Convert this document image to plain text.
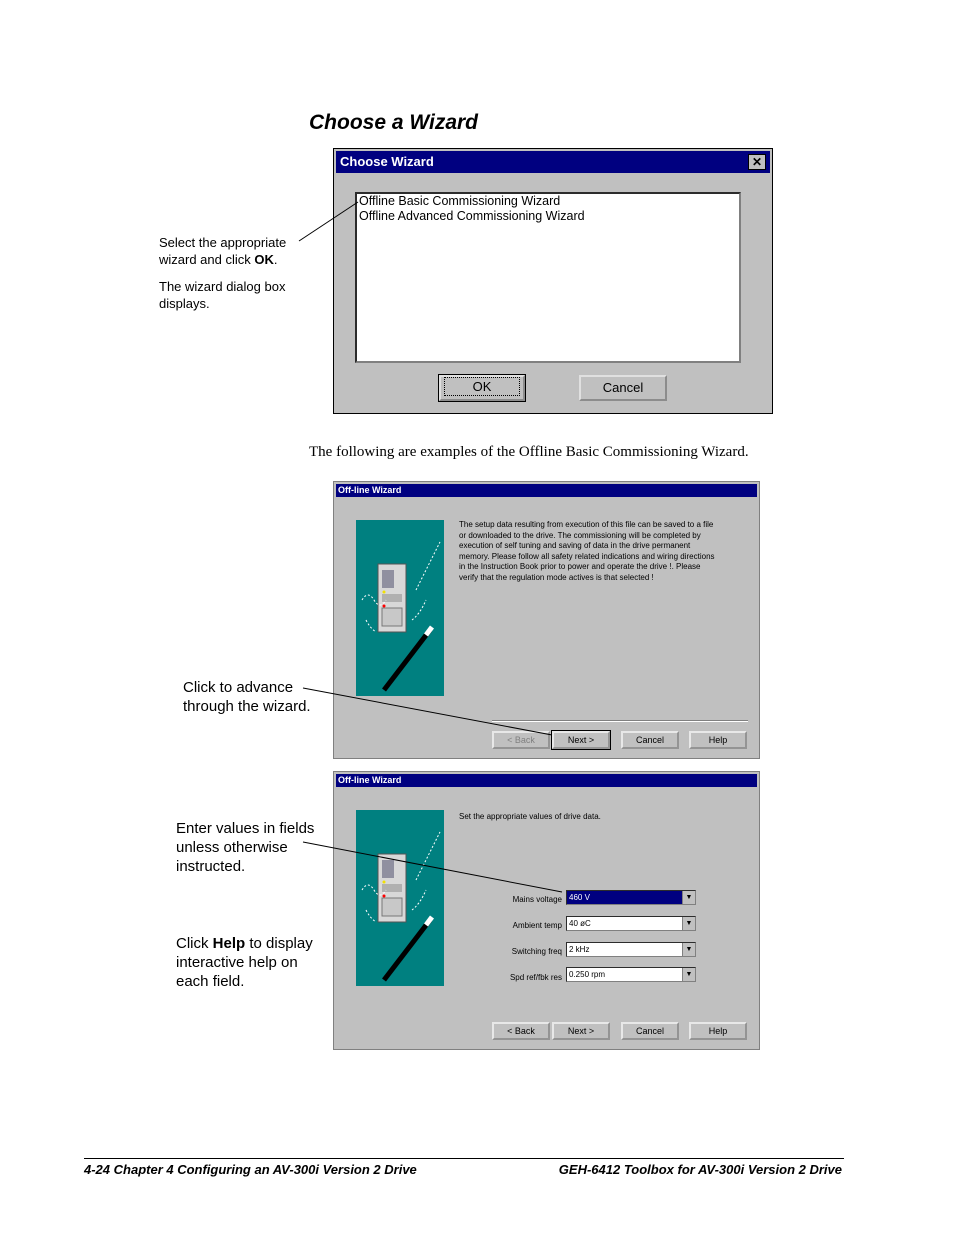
Choose a Wizard
Choose Wizard	✕
Offline Basic Commissioning Wizard
Offline Advanced Commissioning Wizard
OK	Cancel
Select the appropriate
wizard and click OK.
The wizard dialog box
displays.
The following are examples of the Offline Basic Commissioning Wizard.
Off-line Wizard
The setup data resulting from execution of this file can be saved to a file or downloaded to the drive. The commissioning will be completed by execution of self tuning and saving of data in the drive permanent memory. Please follow all safety related indications and wiring directions in the Instruction Book prior to power and operate the drive !. Please verify that the regulation mode actives is that selected !
< Back	Next >	Cancel	Help
Click to advance
through the wizard.
Off-line Wizard
Set the appropriate values of drive data.
Mains voltage 460 V	▼
Ambient temp 40 øC	▼
Switching freq 2 kHz	▼
Spd ref/fbk res 0.250 rpm	▼
< Back	Next >	Cancel	Help
Enter values in fields
unless otherwise
instructed.
Click Help to display
interactive help on
each field.
4-24 Chapter 4 Configuring an AV-300i Version 2 Drive	GEH-6412 Toolbox for AV-300i Version 2 Drive
